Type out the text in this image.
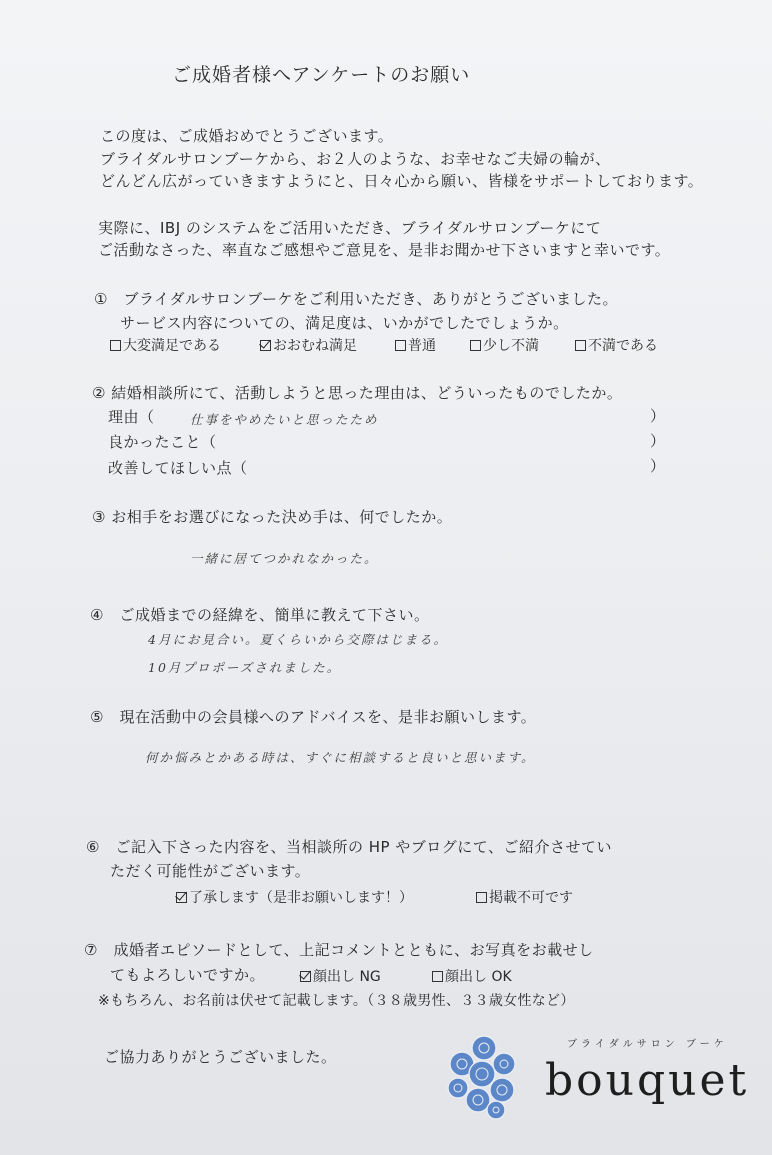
ご成婚者様へアンケートのお願い
この度は、ご成婚おめでとうございます。
ブライダルサロンブーケから、お２人のような、お幸せなご夫婦の輪が、
どんどん広がっていきますようにと、日々心から願い、皆様をサポートしております。
実際に、IBJ のシステムをご活用いただき、ブライダルサロンブーケにて
ご活動なさった、率直なご感想やご意見を、是非お聞かせ下さいますと幸いです。
①　ブライダルサロンブーケをご利用いただき、ありがとうございました。
サービス内容についての、満足度は、いかがでしたでしょうか。
大変満足である	おおむね満足	普通	少し不満	不満である
② 結婚相談所にて、活動しようと思った理由は、どういったものでしたか。
理由（	仕事をやめたいと思ったため	）
良かったこと（	）
改善してほしい点（	）
③ お相手をお選びになった決め手は、何でしたか。
一緒に居てつかれなかった。
④　ご成婚までの経緯を、簡単に教えて下さい。
4月にお見合い。夏くらいから交際はじまる。
10月プロポーズされました。
⑤　現在活動中の会員様へのアドバイスを、是非お願いします。
何か悩みとかある時は、すぐに相談すると良いと思います。
⑥　ご記入下さった内容を、当相談所の HP やブログにて、ご紹介させてい
ただく可能性がございます。
了承します（是非お願いします！）	掲載不可です
⑦　成婚者エピソードとして、上記コメントとともに、お写真をお載せし
てもよろしいですか。	顔出し NG	顔出し OK
※もちろん、お名前は伏せて記載します。（３８歳男性、３３歳女性など）
ご協力ありがとうございました。
ブライダルサロン ブーケ
bouquet
